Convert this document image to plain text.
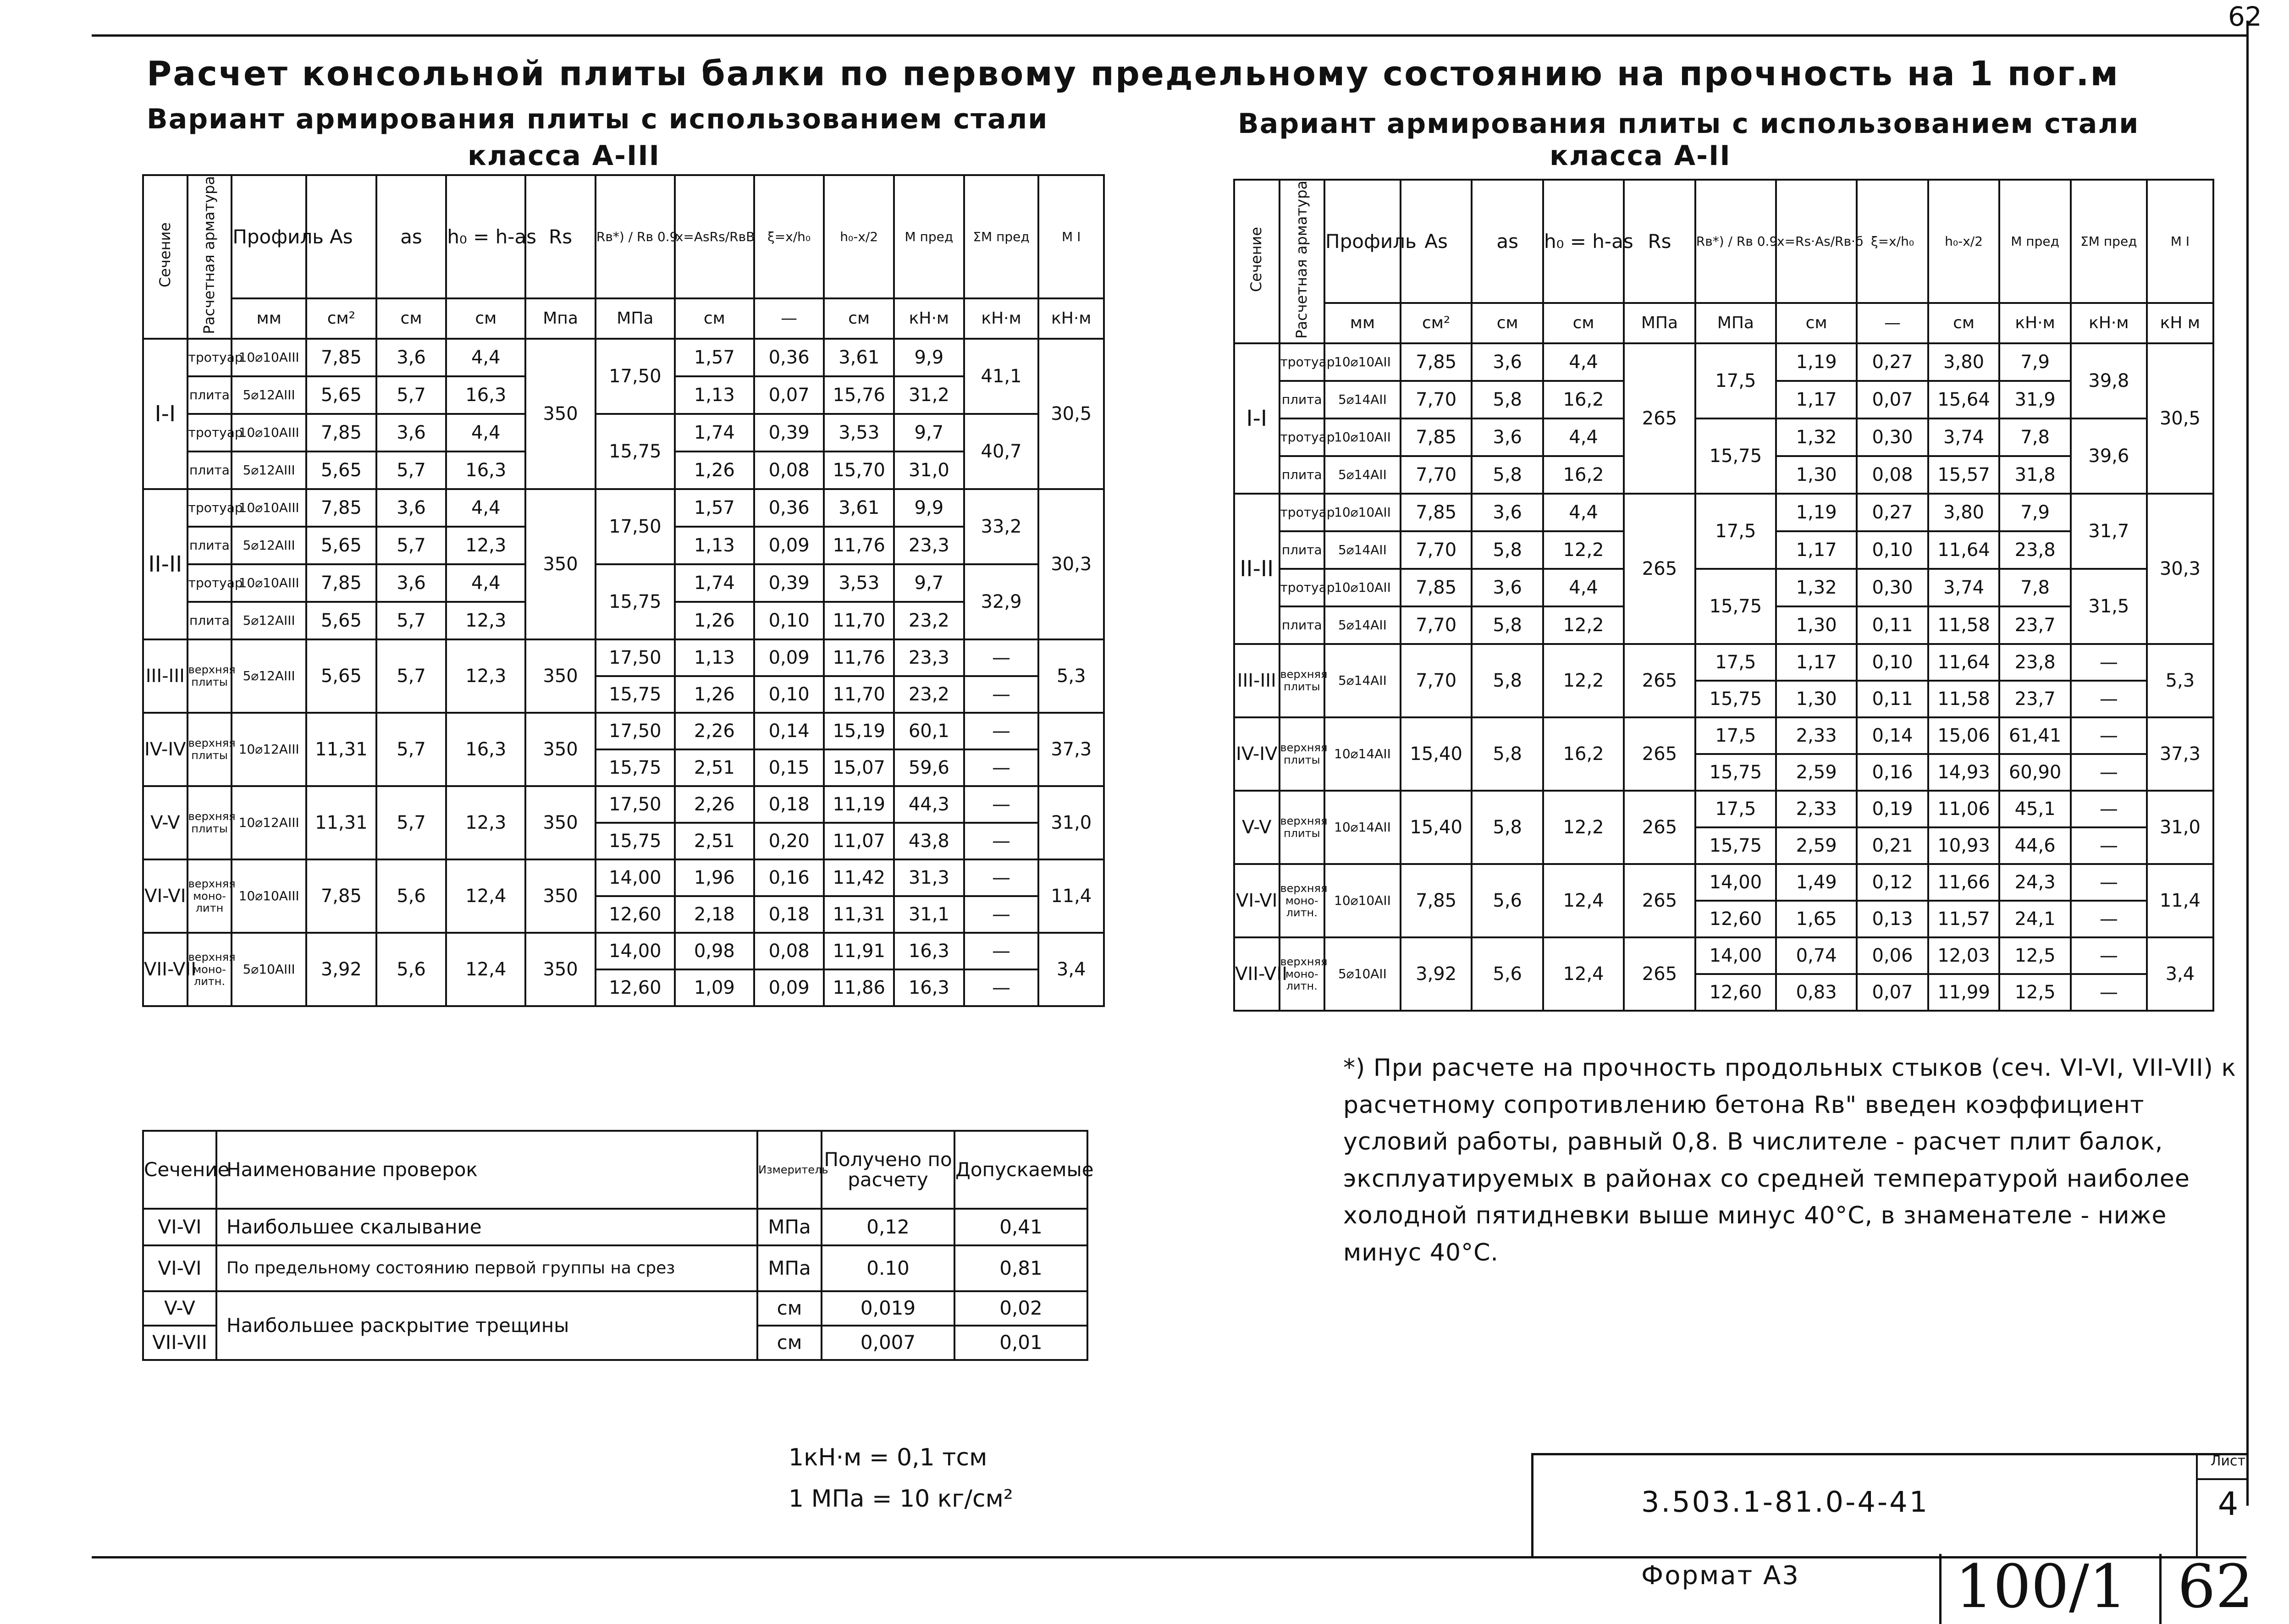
62
Расчет консольной плиты балки по первому предельному состоянию на прочность на 1 пог.м
Вариант армирования плиты с использованием стали
класса А-III
Вариант армирования плиты с использованием стали
класса А-II
Сечение	Расчетная арматура	Профиль	As	as	h₀ = h-as	Rs	Rв*) / Rв 0.9	x=AsRs/RвB	ξ=x/h₀	h₀-x/2	M пред	ΣM пред	M I
		мм	см²	см	см	Мпа	МПа	см	—	см	кН·м	кН·м	кН·м
I-I	тротуар	10⌀10AIII	7,85	3,6	4,4	350	17,50	1,57	0,36	3,61	9,9	41,1	30,5
	плита	5⌀12AIII	5,65	5,7	16,3			1,13	0,07	15,76	31,2		
	тротуар	10⌀10AIII	7,85	3,6	4,4		15,75	1,74	0,39	3,53	9,7	40,7	
	плита	5⌀12AIII	5,65	5,7	16,3			1,26	0,08	15,70	31,0		
II-II	тротуар	10⌀10AIII	7,85	3,6	4,4	350	17,50	1,57	0,36	3,61	9,9	33,2	30,3
	плита	5⌀12AIII	5,65	5,7	12,3			1,13	0,09	11,76	23,3		
	тротуар	10⌀10AIII	7,85	3,6	4,4		15,75	1,74	0,39	3,53	9,7	32,9	
	плита	5⌀12AIII	5,65	5,7	12,3			1,26	0,10	11,70	23,2		
III-III	верхняя плиты	5⌀12AIII	5,65	5,7	12,3	350	17,50	1,13	0,09	11,76	23,3	—	5,3
							15,75	1,26	0,10	11,70	23,2	—	
IV-IV	верхняя плиты	10⌀12AIII	11,31	5,7	16,3	350	17,50	2,26	0,14	15,19	60,1	—	37,3
							15,75	2,51	0,15	15,07	59,6	—	
V-V	верхняя плиты	10⌀12AIII	11,31	5,7	12,3	350	17,50	2,26	0,18	11,19	44,3	—	31,0
							15,75	2,51	0,20	11,07	43,8	—	
VI-VI	верхняя моно-литн	10⌀10AIII	7,85	5,6	12,4	350	14,00	1,96	0,16	11,42	31,3	—	11,4
							12,60	2,18	0,18	11,31	31,1	—	
VII-VII	верхняя моно-литн.	5⌀10AIII	3,92	5,6	12,4	350	14,00	0,98	0,08	11,91	16,3	—	3,4
							12,60	1,09	0,09	11,86	16,3	—	
Сечение	Расчетная арматура	Профиль	As	as	h₀ = h-as	Rs	Rв*) / Rв 0.9	x=Rs·As/Rв·б	ξ=x/h₀	h₀-x/2	M пред	ΣM пред	M I
		мм	см²	см	см	МПа	МПа	см	—	см	кН·м	кН·м	кН м
I-I	тротуар	10⌀10AII	7,85	3,6	4,4	265	17,5	1,19	0,27	3,80	7,9	39,8	30,5
	плита	5⌀14AII	7,70	5,8	16,2			1,17	0,07	15,64	31,9		
	тротуар	10⌀10AII	7,85	3,6	4,4		15,75	1,32	0,30	3,74	7,8	39,6	
	плита	5⌀14AII	7,70	5,8	16,2			1,30	0,08	15,57	31,8		
II-II	тротуар	10⌀10AII	7,85	3,6	4,4	265	17,5	1,19	0,27	3,80	7,9	31,7	30,3
	плита	5⌀14AII	7,70	5,8	12,2			1,17	0,10	11,64	23,8		
	тротуар	10⌀10AII	7,85	3,6	4,4		15,75	1,32	0,30	3,74	7,8	31,5	
	плита	5⌀14AII	7,70	5,8	12,2			1,30	0,11	11,58	23,7		
III-III	верхняя плиты	5⌀14AII	7,70	5,8	12,2	265	17,5	1,17	0,10	11,64	23,8	—	5,3
							15,75	1,30	0,11	11,58	23,7	—	
IV-IV	верхняя плиты	10⌀14AII	15,40	5,8	16,2	265	17,5	2,33	0,14	15,06	61,41	—	37,3
							15,75	2,59	0,16	14,93	60,90	—	
V-V	верхняя плиты	10⌀14AII	15,40	5,8	12,2	265	17,5	2,33	0,19	11,06	45,1	—	31,0
							15,75	2,59	0,21	10,93	44,6	—	
VI-VI	верхняя моно-литн.	10⌀10AII	7,85	5,6	12,4	265	14,00	1,49	0,12	11,66	24,3	—	11,4
							12,60	1,65	0,13	11,57	24,1	—	
VII-VII	верхняя моно-литн.	5⌀10AII	3,92	5,6	12,4	265	14,00	0,74	0,06	12,03	12,5	—	3,4
							12,60	0,83	0,07	11,99	12,5	—	
Сечение	Наименование проверок	Измеритель	Получено по расчету	Допускаемые
VI-VI	Наибольшее скалывание	МПа	0,12	0,41
VI-VI	По предельному состоянию первой группы на срез	МПа	0.10	0,81
V-V	Наибольшее раскрытие трещины	см	0,019	0,02
VII-VII		см	0,007	0,01
1кН·м = 0,1 тсм
1 МПа = 10 кг/см²
*) При расчете на прочность продольных стыков (сеч. VI-VI, VII-VII) к расчетному сопротивлению бетона Rв" введен коэффициент условий работы, равный 0,8. В числителе - расчет плит балок, эксплуатируемых в районах со средней температурой наиболее холодной пятидневки выше минус 40°С, в знаменателе - ниже минус 40°С.
3.503.1-81.0-4-41
Лист
4
Формат А3	100/1 62
